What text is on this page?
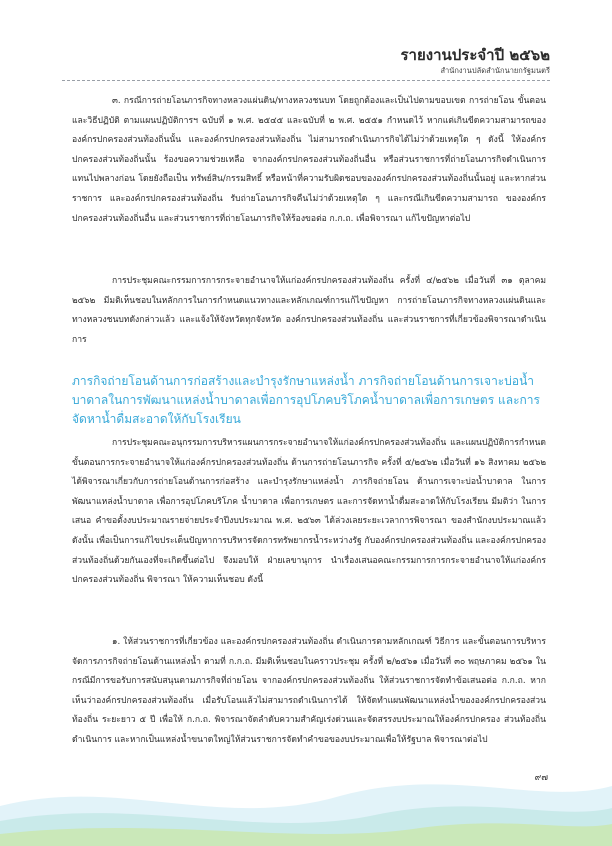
รายงานประจำปี ๒๕๖๒
สำนักงานปลัดสำนักนายกรัฐมนตรี

๓. กรณีการถ่ายโอนภารกิจทางหลวงแผ่นดิน/ทางหลวงชนบท โดยถูกต้องและเป็นไปตามขอบเขต การถ่ายโอน ขั้นตอนและวิธีปฏิบัติ ตามแผนปฏิบัติการฯ ฉบับที่ ๑ พ.ศ. ๒๕๔๕ และฉบับที่ ๒ พ.ศ. ๒๕๕๑ กำหนดไว้ หากแต่เกินขีดความสามารถขององค์กรปกครองส่วนท้องถิ่นนั้น และองค์กรปกครองส่วนท้องถิ่น ไม่สามารถดำเนินภารกิจได้ไม่ว่าด้วยเหตุใด ๆ ดังนี้ ให้องค์กรปกครองส่วนท้องถิ่นนั้น ร้องขอความช่วยเหลือ จากองค์กรปกครองส่วนท้องถิ่นอื่น หรือส่วนราชการที่ถ่ายโอนภารกิจดำเนินการแทนไปพลางก่อน โดยยังถือเป็น ทรัพย์สิน/กรรมสิทธิ์ หรือหน้าที่ความรับผิดชอบขององค์กรปกครองส่วนท้องถิ่นนั้นอยู่ และหากส่วนราชการ และองค์กรปกครองส่วนท้องถิ่น รับถ่ายโอนภารกิจคืนไม่ว่าด้วยเหตุใด ๆ และกรณีเกินขีดความสามารถ ขององค์กรปกครองส่วนท้องถิ่นอื่น และส่วนราชการที่ถ่ายโอนภารกิจให้ร้องขอต่อ ก.ก.ถ. เพื่อพิจารณา แก้ไขปัญหาต่อไป

การประชุมคณะกรรมการการกระจายอำนาจให้แก่องค์กรปกครองส่วนท้องถิ่น ครั้งที่ ๔/๒๕๖๒ เมื่อวันที่ ๓๑ ตุลาคม ๒๕๖๒ มีมติเห็นชอบในหลักการในการกำหนดแนวทางและหลักเกณฑ์การแก้ไขปัญหา การถ่ายโอนภารกิจทางหลวงแผ่นดินและทางหลวงชนบทดังกล่าวแล้ว และแจ้งให้จังหวัดทุกจังหวัด องค์กรปกครองส่วนท้องถิ่น และส่วนราชการที่เกี่ยวข้องพิจารณาดำเนินการ

ภารกิจถ่ายโอนด้านการก่อสร้างและบำรุงรักษาแหล่งน้ำ ภารกิจถ่ายโอนด้านการเจาะบ่อน้ำบาดาลในการพัฒนาแหล่งน้ำบาดาลเพื่อการอุปโภคบริโภคน้ำบาดาลเพื่อการเกษตร และการจัดหาน้ำดื่มสะอาดให้กับโรงเรียน

การประชุมคณะอนุกรรมการบริหารแผนการกระจายอำนาจให้แก่องค์กรปกครองส่วนท้องถิ่น และแผนปฏิบัติการกำหนดขั้นตอนการกระจายอำนาจให้แก่องค์กรปกครองส่วนท้องถิ่น ด้านการถ่ายโอนภารกิจ ครั้งที่ ๕/๒๕๖๒ เมื่อวันที่ ๑๖ สิงหาคม ๒๕๖๒ ได้พิจารณาเกี่ยวกับการถ่ายโอนด้านการก่อสร้าง และบำรุงรักษาแหล่งน้ำ ภารกิจถ่ายโอน ด้านการเจาะบ่อน้ำบาดาล ในการพัฒนาแหล่งน้ำบาดาล เพื่อการอุปโภคบริโภค น้ำบาดาล เพื่อการเกษตร และการจัดหาน้ำดื่มสะอาดให้กับโรงเรียน มีมติว่า ในการเสนอ คำขอตั้งงบประมาณรายจ่ายประจำปีงบประมาณ พ.ศ. ๒๕๖๓ ได้ล่วงเลยระยะเวลาการพิจารณา ของสำนักงบประมาณแล้ว ดังนั้น เพื่อเป็นการแก้ไขประเด็นปัญหาการบริหารจัดการทรัพยากรน้ำระหว่างรัฐ กับองค์กรปกครองส่วนท้องถิ่น และองค์กรปกครองส่วนท้องถิ่นด้วยกันเองที่จะเกิดขึ้นต่อไป จึงมอบให้ ฝ่ายเลขานุการ นำเรื่องเสนอคณะกรรมการการกระจายอำนาจให้แก่องค์กรปกครองส่วนท้องถิ่น พิจารณา ให้ความเห็นชอบ ดังนี้

๑. ให้ส่วนราชการที่เกี่ยวข้อง และองค์กรปกครองส่วนท้องถิ่น ดำเนินการตามหลักเกณฑ์ วิธีการ และขั้นตอนการบริหารจัดการภารกิจถ่ายโอนด้านแหล่งน้ำ ตามที่ ก.ก.ถ. มีมติเห็นชอบในคราวประชุม ครั้งที่ ๒/๒๕๖๑ เมื่อวันที่ ๓๐ พฤษภาคม ๒๕๖๑ ในกรณีมีการขอรับการสนับสนุนตามภารกิจที่ถ่ายโอน จากองค์กรปกครองส่วนท้องถิ่น ให้ส่วนราชการจัดทำข้อเสนอต่อ ก.ก.ถ. หากเห็นว่าองค์กรปกครองส่วนท้องถิ่น เมื่อรับโอนแล้วไม่สามารถดำเนินการได้ ให้จัดทำแผนพัฒนาแหล่งน้ำขององค์กรปกครองส่วนท้องถิ่น ระยะยาว ๕ ปี เพื่อให้ ก.ก.ถ. พิจารณาจัดลำดับความสำคัญเร่งด่วนและจัดสรรงบประมาณให้องค์กรปกครอง ส่วนท้องถิ่น ดำเนินการ และหากเป็นแหล่งน้ำขนาดใหญ่ให้ส่วนราชการจัดทำคำขอของบประมาณเพื่อให้รัฐบาล พิจารณาต่อไป

๙๗
